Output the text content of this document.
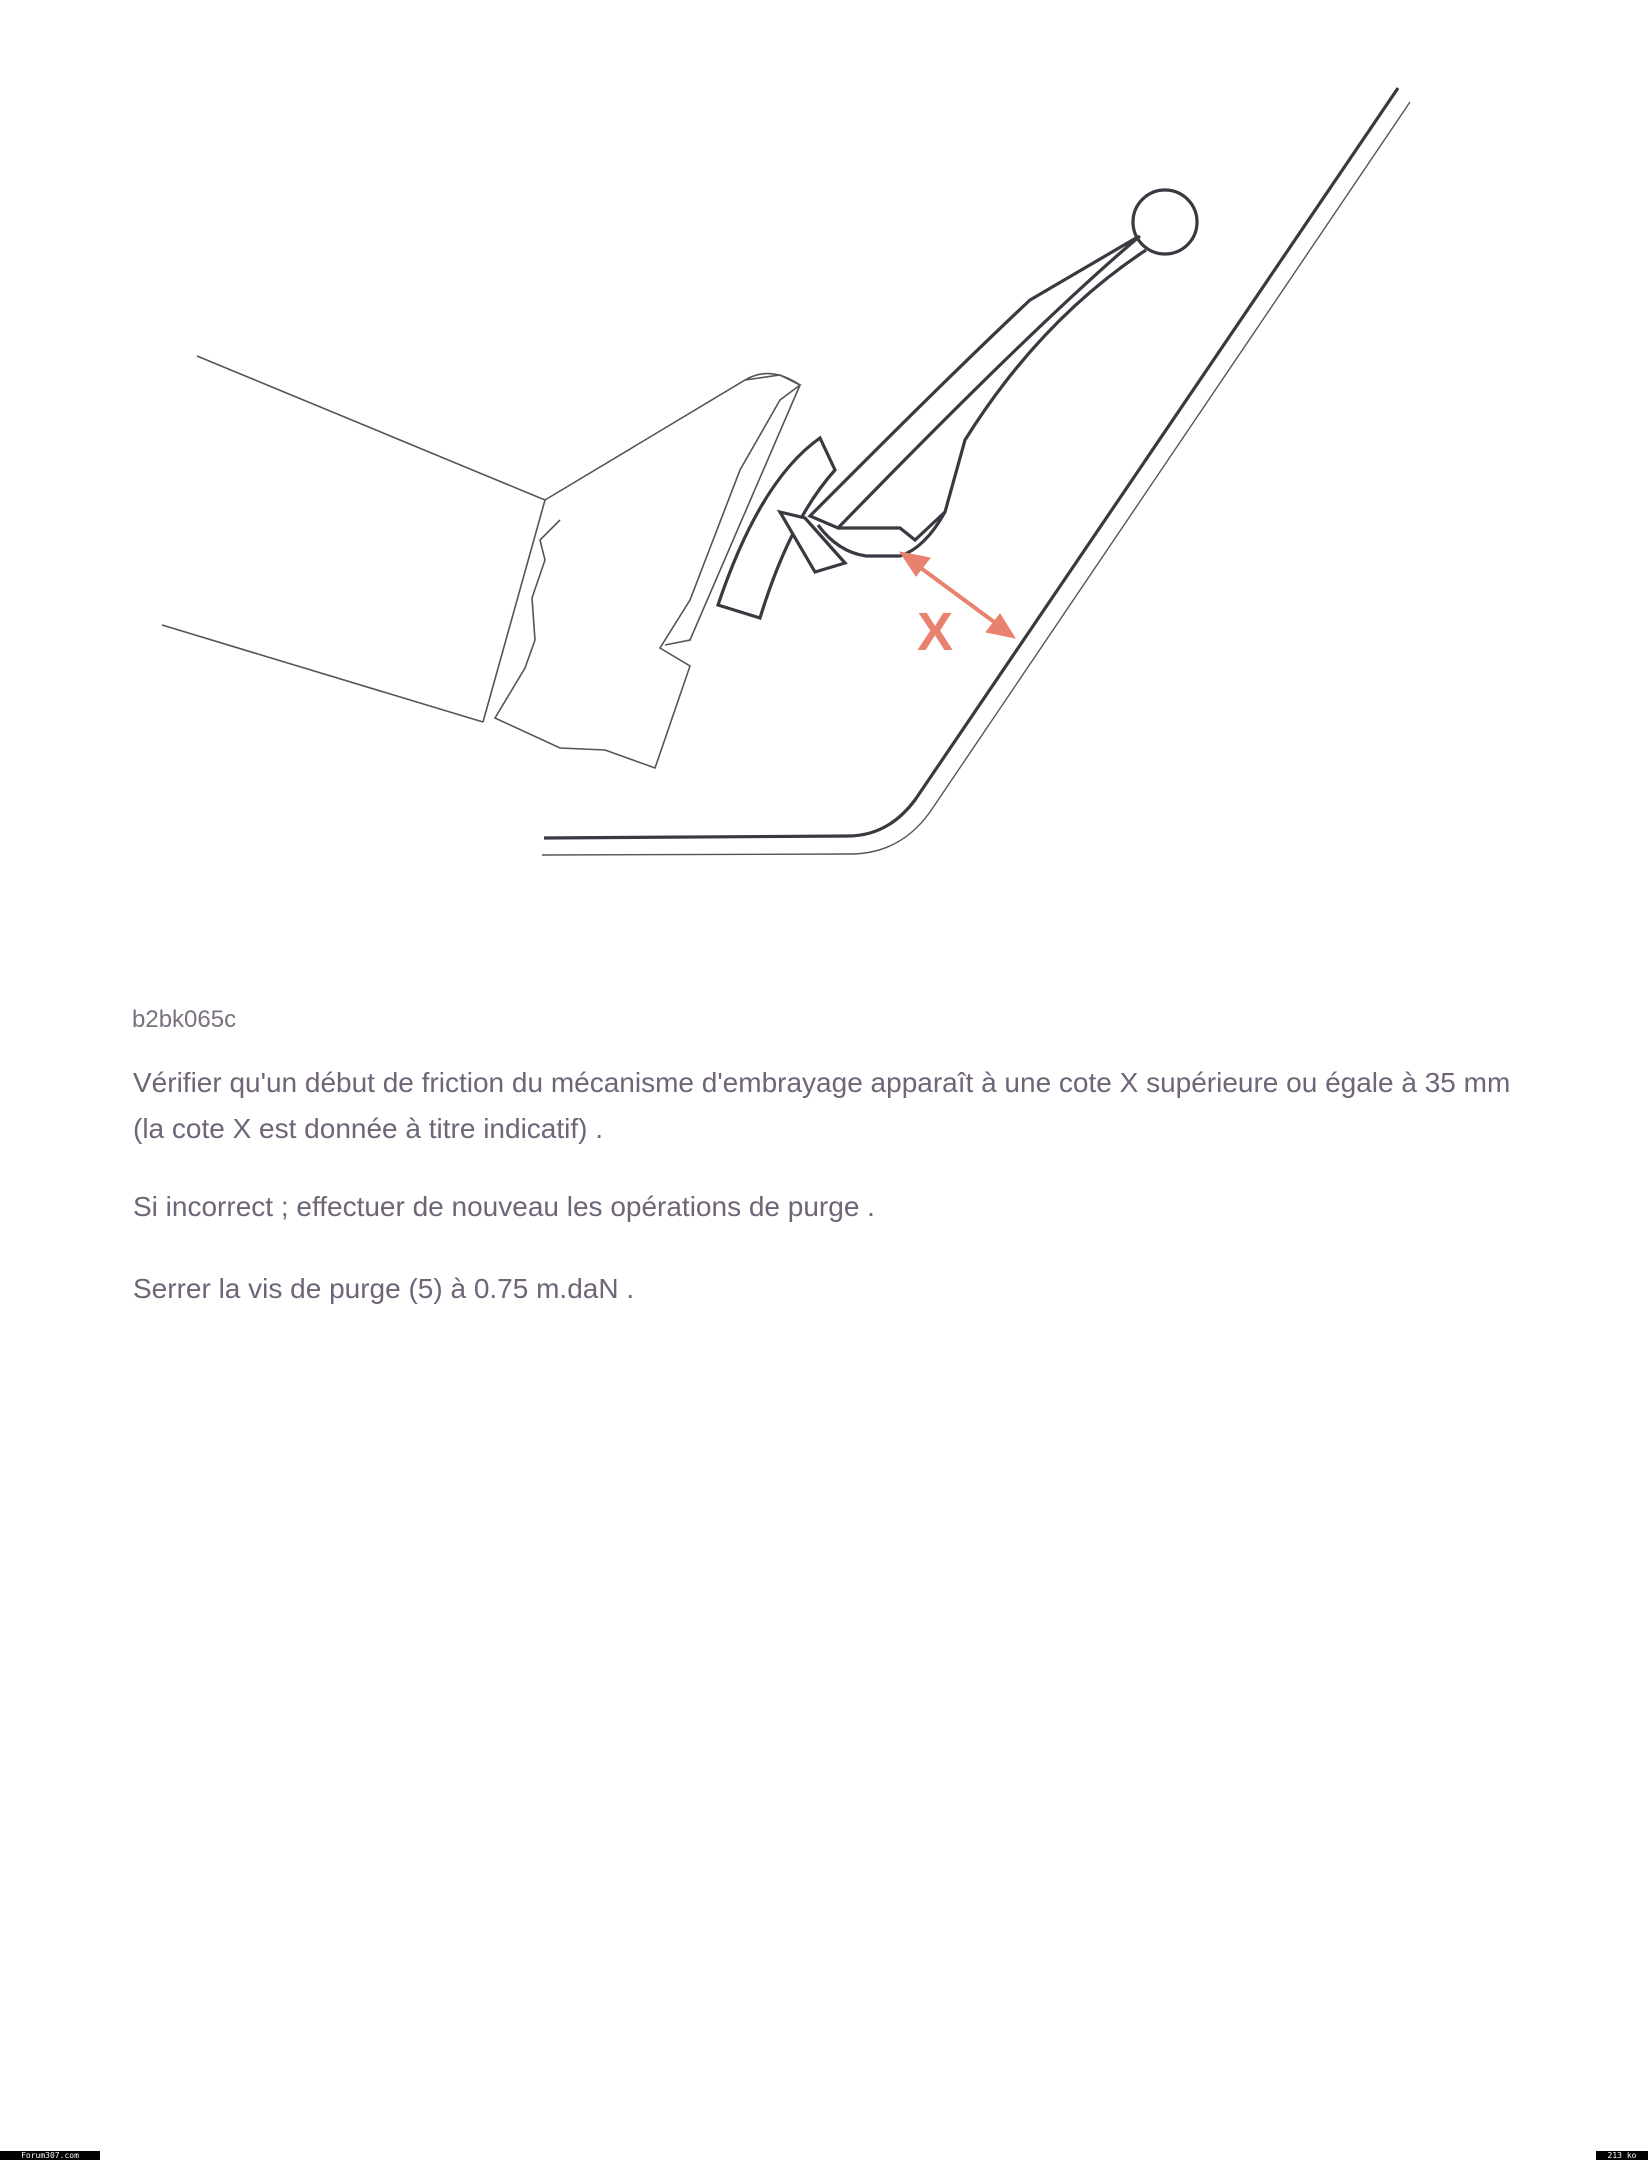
X
b2bk065c

Vérifier qu'un début de friction du mécanisme d'embrayage apparaît à une cote X supérieure ou égale à 35 mm (la cote X est donnée à titre indicatif) .

Si incorrect ; effectuer de nouveau les opérations de purge .

Serrer la vis de purge (5) à 0.75 m.daN .

Forum307.com	213 ko
